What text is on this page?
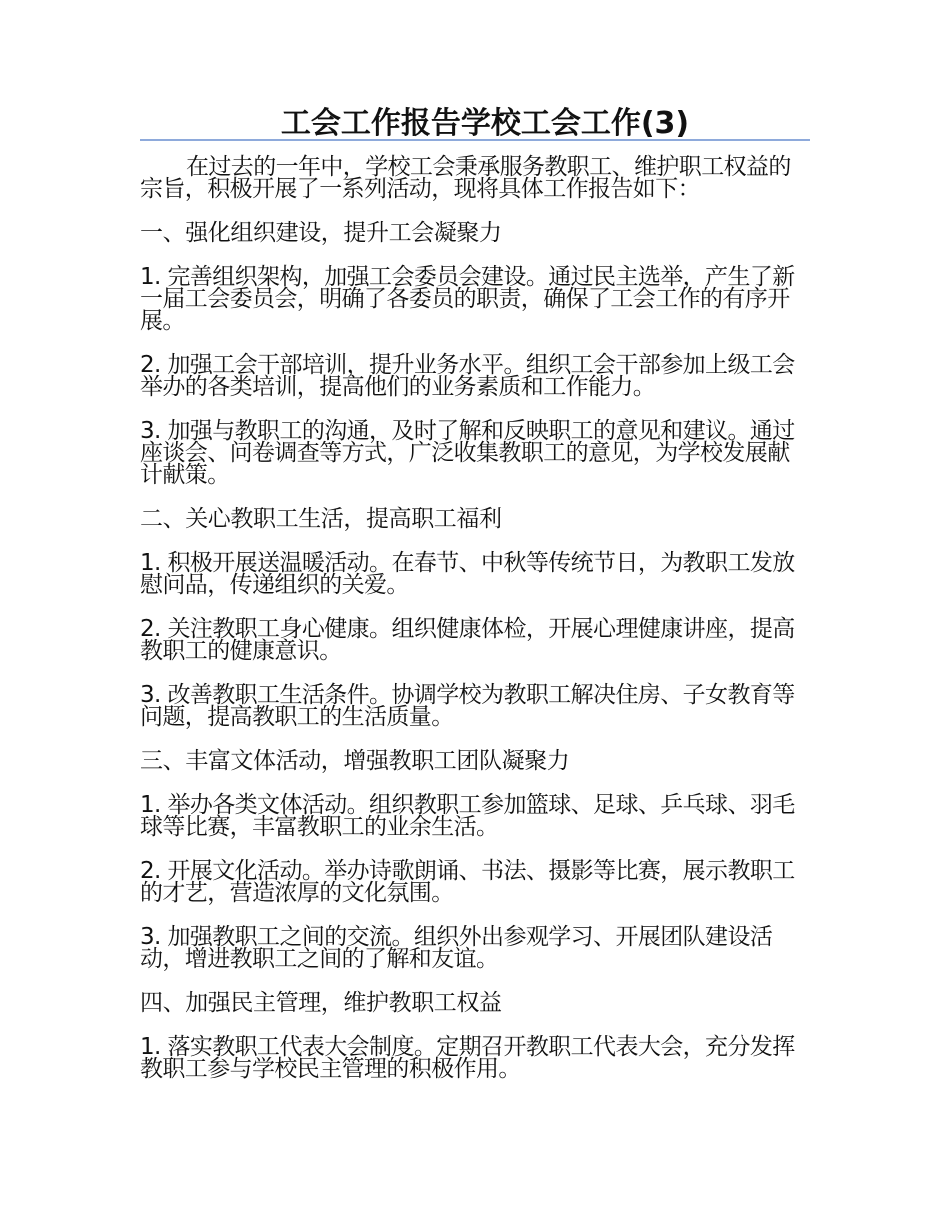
工会工作报告学校工会工作(3)

在过去的一年中，学校工会秉承服务教职工、维护职工权益的宗旨，积极开展了一系列活动，现将具体工作报告如下：

一、强化组织建设，提升工会凝聚力

1. 完善组织架构，加强工会委员会建设。通过民主选举，产生了新一届工会委员会，明确了各委员的职责，确保了工会工作的有序开展。

2. 加强工会干部培训，提升业务水平。组织工会干部参加上级工会举办的各类培训，提高他们的业务素质和工作能力。

3. 加强与教职工的沟通，及时了解和反映职工的意见和建议。通过座谈会、问卷调查等方式，广泛收集教职工的意见，为学校发展献计献策。

二、关心教职工生活，提高职工福利

1. 积极开展送温暖活动。在春节、中秋等传统节日，为教职工发放慰问品，传递组织的关爱。

2. 关注教职工身心健康。组织健康体检，开展心理健康讲座，提高教职工的健康意识。

3. 改善教职工生活条件。协调学校为教职工解决住房、子女教育等问题，提高教职工的生活质量。

三、丰富文体活动，增强教职工团队凝聚力

1. 举办各类文体活动。组织教职工参加篮球、足球、乒乓球、羽毛球等比赛，丰富教职工的业余生活。

2. 开展文化活动。举办诗歌朗诵、书法、摄影等比赛，展示教职工的才艺，营造浓厚的文化氛围。

3. 加强教职工之间的交流。组织外出参观学习、开展团队建设活动，增进教职工之间的了解和友谊。

四、加强民主管理，维护教职工权益

1. 落实教职工代表大会制度。定期召开教职工代表大会，充分发挥教职工参与学校民主管理的积极作用。
